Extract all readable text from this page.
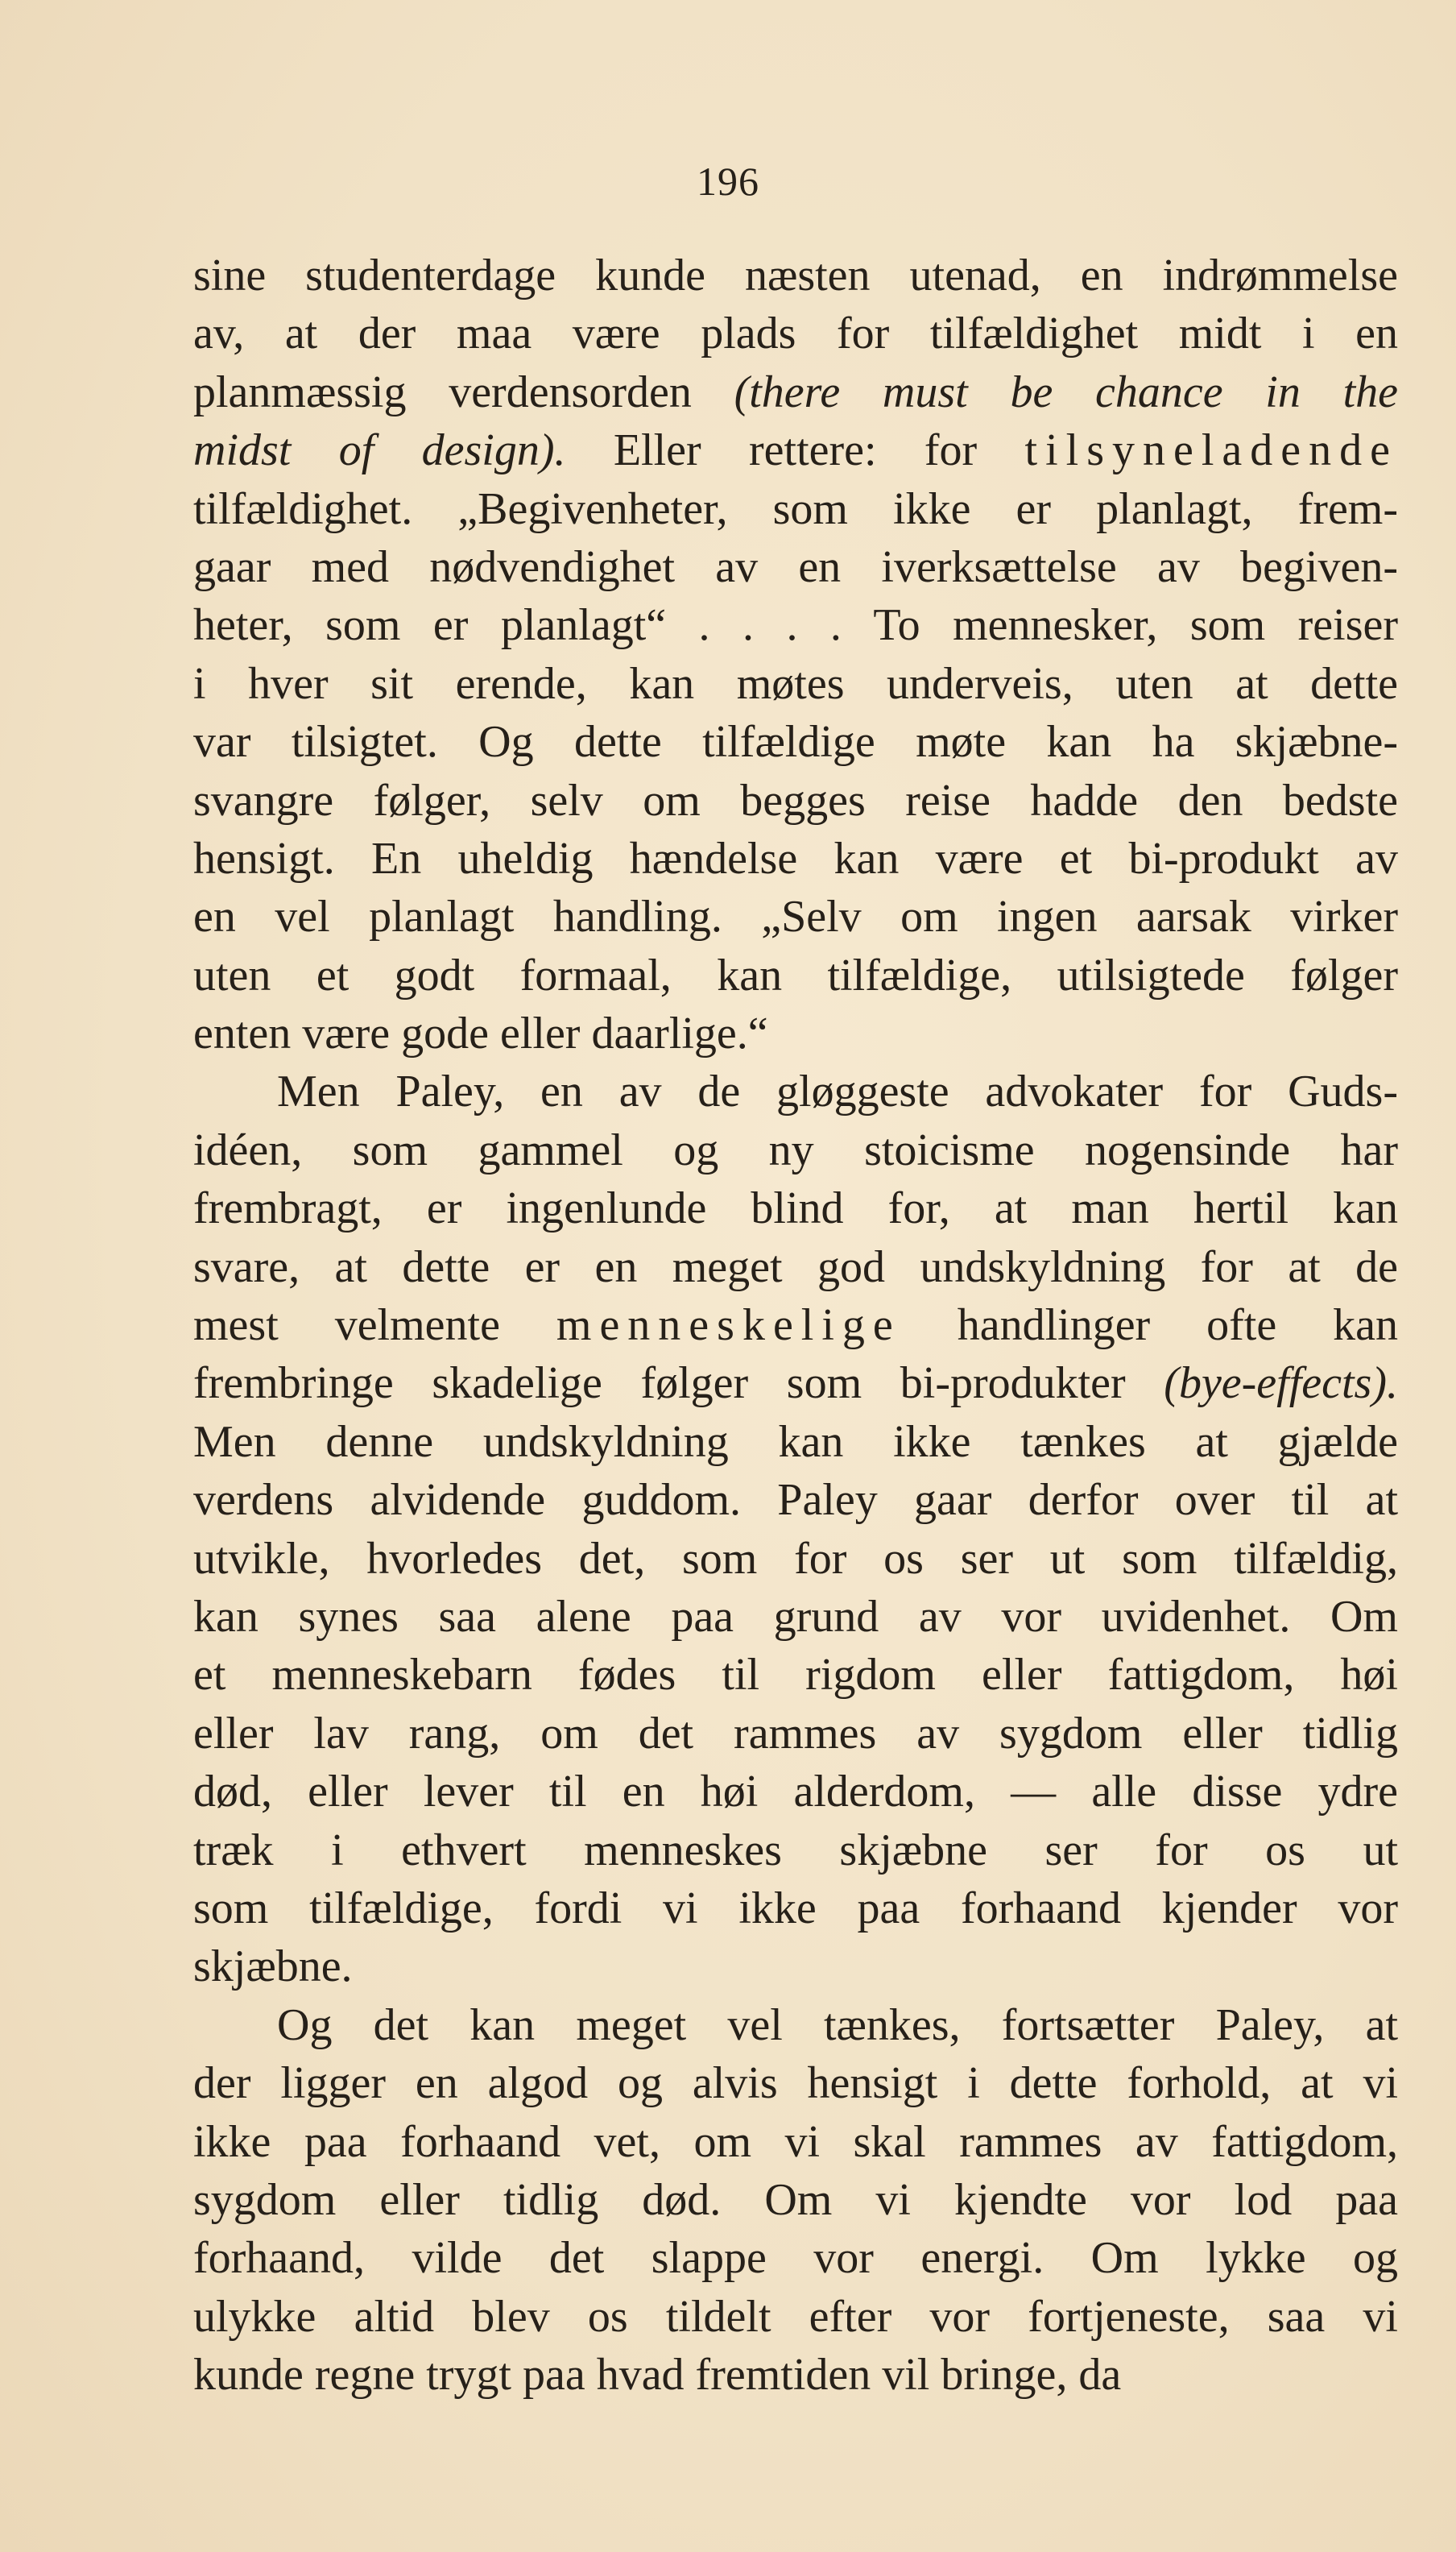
196
sine studenterdage kunde næsten utenad, en indrømmelse
av, at der maa være plads for tilfældighet midt i en
planmæssig verdensorden (there must be chance in the
midst of design). Eller rettere: for tilsyneladende
tilfældighet. „Begivenheter, som ikke er planlagt, frem-
gaar med nødvendighet av en iverksættelse av begiven-
heter, som er planlagt“ . . . . To mennesker, som reiser
i hver sit erende, kan møtes underveis, uten at dette
var tilsigtet. Og dette tilfældige møte kan ha skjæbne-
svangre følger, selv om begges reise hadde den bedste
hensigt. En uheldig hændelse kan være et bi-produkt av
en vel planlagt handling. „Selv om ingen aarsak virker
uten et godt formaal, kan tilfældige, utilsigtede følger
enten være gode eller daarlige.“
Men Paley, en av de gløggeste advokater for Guds-
idéen, som gammel og ny stoicisme nogensinde har
frembragt, er ingenlunde blind for, at man hertil kan
svare, at dette er en meget god undskyldning for at de
mest velmente menneskelige handlinger ofte kan
frembringe skadelige følger som bi-produkter (bye-effects).
Men denne undskyldning kan ikke tænkes at gjælde
verdens alvidende guddom. Paley gaar derfor over til at
utvikle, hvorledes det, som for os ser ut som tilfældig,
kan synes saa alene paa grund av vor uvidenhet. Om
et menneskebarn fødes til rigdom eller fattigdom, høi
eller lav rang, om det rammes av sygdom eller tidlig
død, eller lever til en høi alderdom, — alle disse ydre
træk i ethvert menneskes skjæbne ser for os ut
som tilfældige, fordi vi ikke paa forhaand kjender vor
skjæbne.
Og det kan meget vel tænkes, fortsætter Paley, at
der ligger en algod og alvis hensigt i dette forhold, at vi
ikke paa forhaand vet, om vi skal rammes av fattigdom,
sygdom eller tidlig død. Om vi kjendte vor lod paa
forhaand, vilde det slappe vor energi. Om lykke og
ulykke altid blev os tildelt efter vor fortjeneste, saa vi
kunde regne trygt paa hvad fremtiden vil bringe, da
